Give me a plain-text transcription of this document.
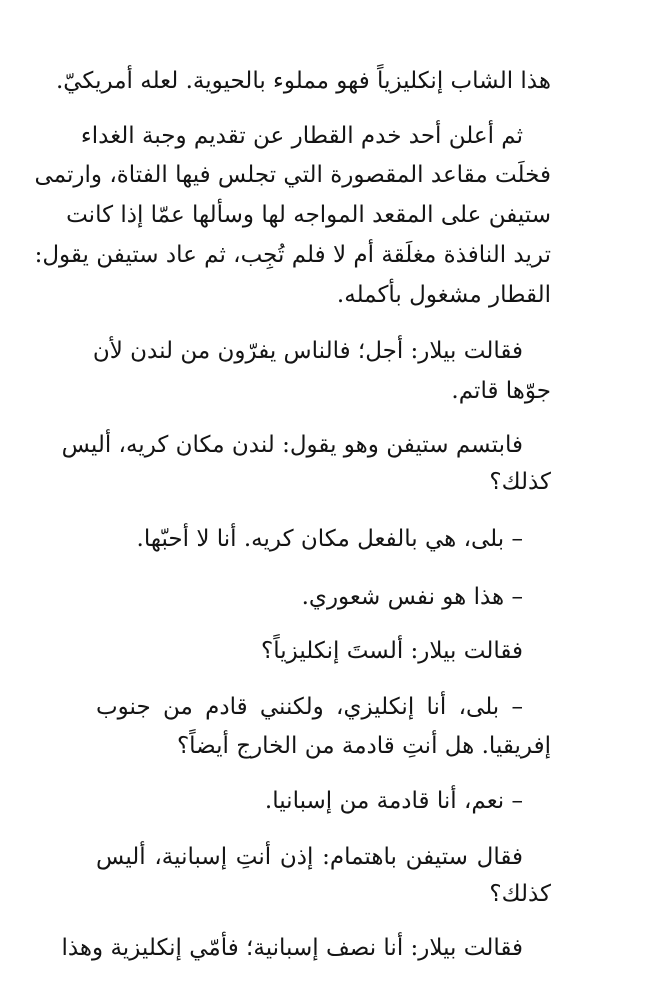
هذا الشاب إنكليزياً فهو مملوء بالحيوية. لعله أمريكيّ.
ثم أعلن أحد خدم القطار عن تقديم وجبة الغداء
فخلَت مقاعد المقصورة التي تجلس فيها الفتاة، وارتمى
ستيفن على المقعد المواجه لها وسألها عمّا إذا كانت
تريد النافذة مغلَقة أم لا فلم تُجِب، ثم عاد ستيفن يقول:
القطار مشغول بأكمله.
فقالت بيلار: أجل؛ فالناس يفرّون من لندن لأن
جوّها قاتم.
فابتسم ستيفن وهو يقول: لندن مكان كريه، أليس
كذلك؟
– بلى، هي بالفعل مكان كريه. أنا لا أحبّها.
– هذا هو نفس شعوري.
فقالت بيلار: ألستَ إنكليزياً؟
– بلى، أنا إنكليزي، ولكنني قادم من جنوب
إفريقيا. هل أنتِ قادمة من الخارج أيضاً؟
– نعم، أنا قادمة من إسبانيا.
فقال ستيفن باهتمام: إذن أنتِ إسبانية، أليس
كذلك؟
فقالت بيلار: أنا نصف إسبانية؛ فأمّي إنكليزية وهذا
